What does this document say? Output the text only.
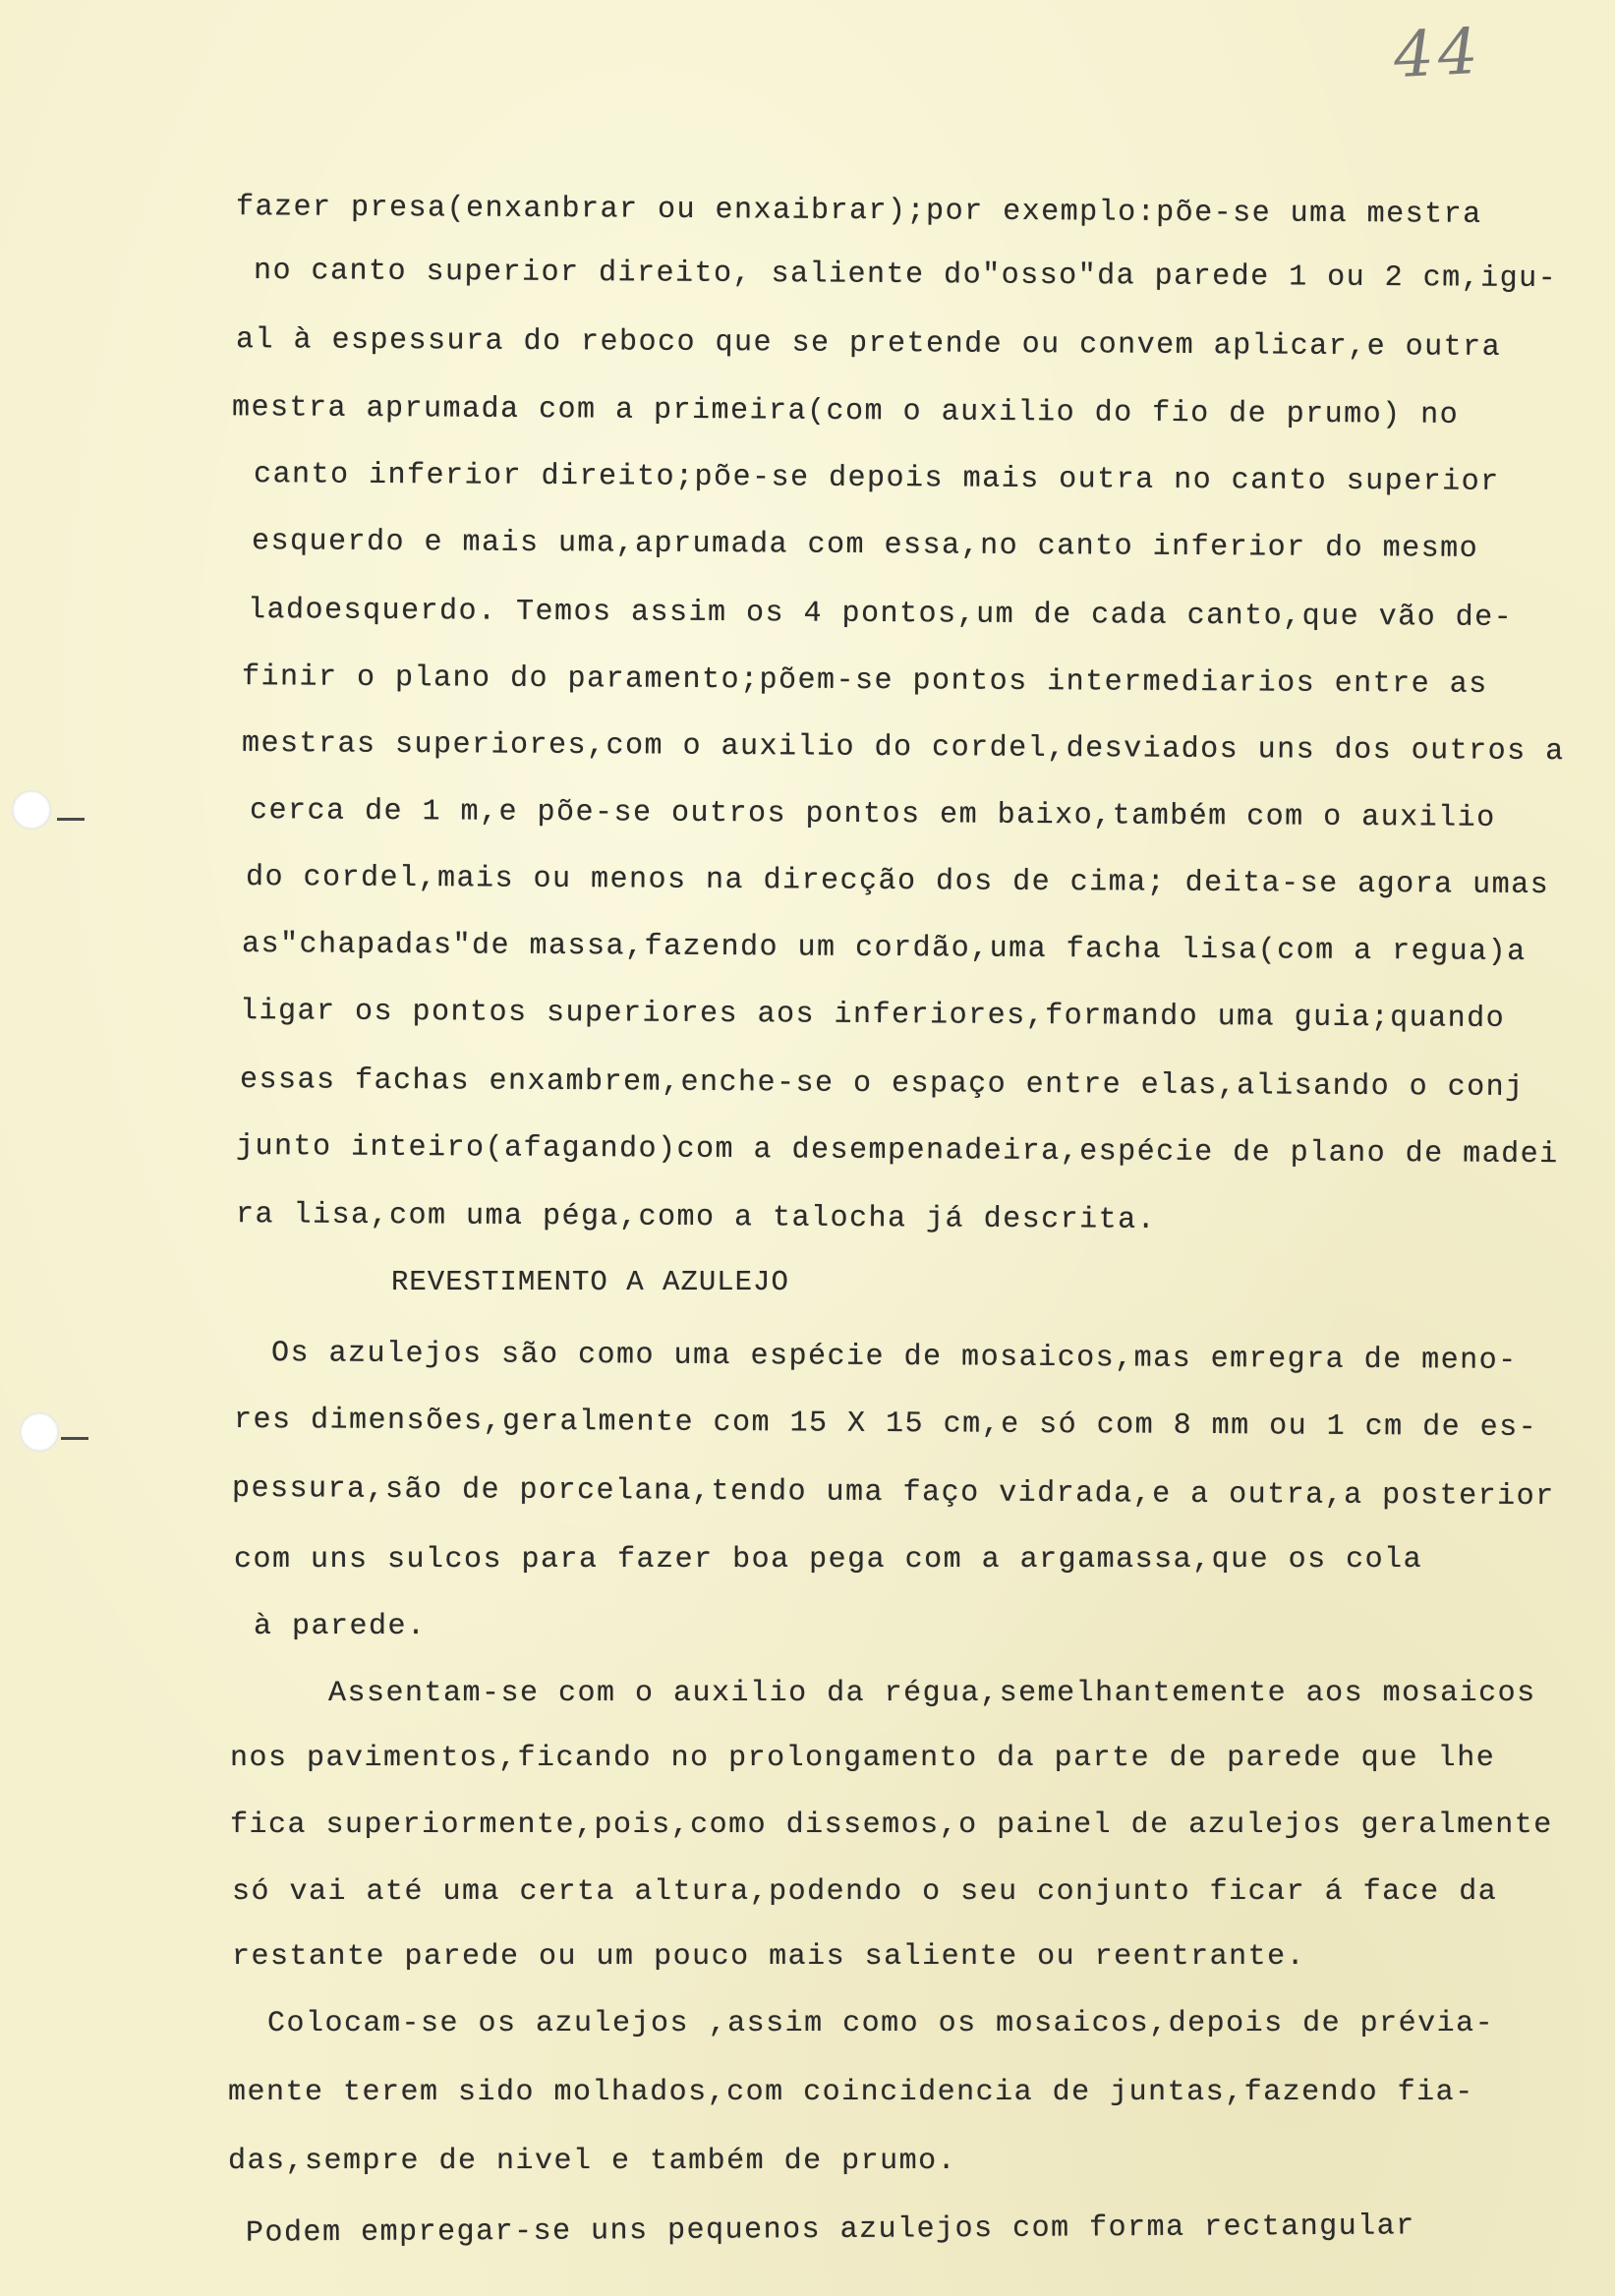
44
fazer presa(enxanbrar ou enxaibrar);por exemplo:põe-se uma mestra
no canto superior direito, saliente do"osso"da parede 1 ou 2 cm,igu-
al à espessura do reboco que se pretende ou convem aplicar,e outra
mestra aprumada com a primeira(com o auxilio do fio de prumo) no
canto inferior direito;põe-se depois mais outra no canto superior
esquerdo e mais uma,aprumada com essa,no canto inferior do mesmo
ladoesquerdo. Temos assim os 4 pontos,um de cada canto,que vão de-
finir o plano do paramento;põem-se pontos intermediarios entre as
mestras superiores,com o auxilio do cordel,desviados uns dos outros a
cerca de 1 m,e põe-se outros pontos em baixo,também com o auxilio
do cordel,mais ou menos na direcção dos de cima; deita-se agora umas
as"chapadas"de massa,fazendo um cordão,uma facha lisa(com a regua)a
ligar os pontos superiores aos inferiores,formando uma guia;quando
essas fachas enxambrem,enche-se o espaço entre elas,alisando o conj
junto inteiro(afagando)com a desempenadeira,espécie de plano de madei
ra lisa,com uma péga,como a talocha já descrita.
REVESTIMENTO A AZULEJO
Os azulejos são como uma espécie de mosaicos,mas emregra de meno-
res dimensões,geralmente com 15 X 15 cm,e só com 8 mm ou 1 cm de es-
pessura,são de porcelana,tendo uma faço vidrada,e a outra,a posterior
com uns sulcos para fazer boa pega com a argamassa,que os cola
à parede.
Assentam-se com o auxilio da régua,semelhantemente aos mosaicos
nos pavimentos,ficando no prolongamento da parte de parede que lhe
fica superiormente,pois,como dissemos,o painel de azulejos geralmente
só vai até uma certa altura,podendo o seu conjunto ficar á face da
restante parede ou um pouco mais saliente ou reentrante.
Colocam-se os azulejos ,assim como os mosaicos,depois de prévia-
mente terem sido molhados,com coincidencia de juntas,fazendo fia-
das,sempre de nivel e também de prumo.
Podem empregar-se uns pequenos azulejos com forma rectangular
